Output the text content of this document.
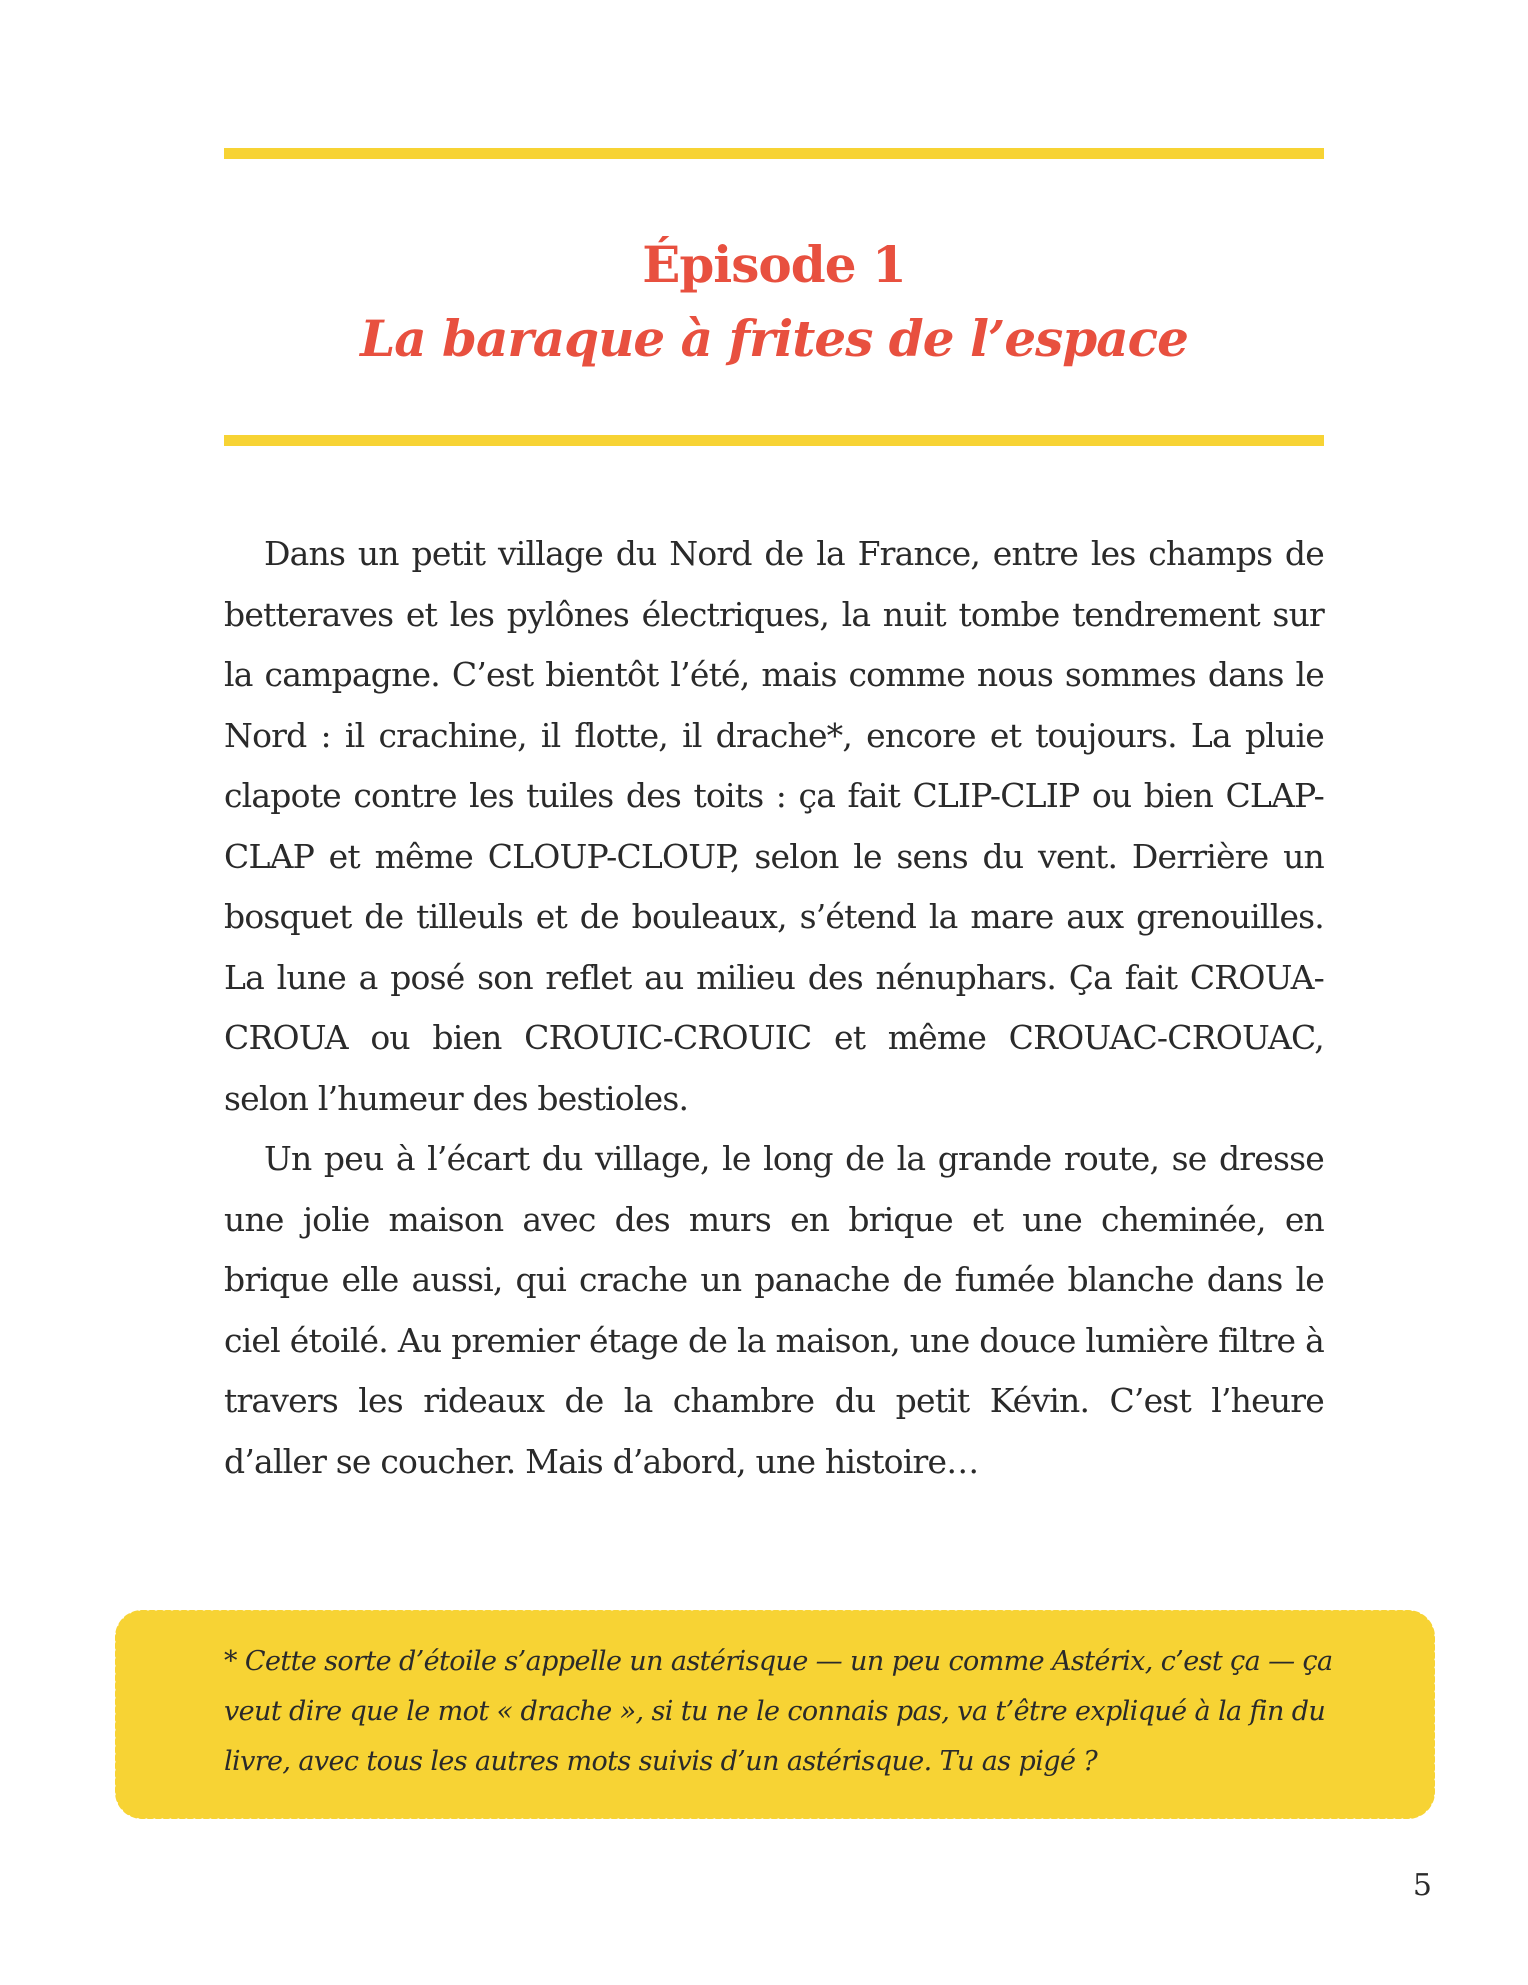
Épisode 1
La baraque à frites de l’espace

Dans un petit village du Nord de la France, entre les champs de betteraves et les pylônes électriques, la nuit tombe tendrement sur la campagne. C’est bientôt l’été, mais comme nous sommes dans le Nord : il crachine, il flotte, il drache*, encore et toujours. La pluie clapote contre les tuiles des toits : ça fait CLIP-CLIP ou bien CLAP-CLAP et même CLOUP-CLOUP, selon le sens du vent. Derrière un bosquet de tilleuls et de bouleaux, s’étend la mare aux grenouilles. La lune a posé son reflet au milieu des nénuphars. Ça fait CROUA-CROUA ou bien CROUIC-CROUIC et même CROUAC-CROUAC, selon l’humeur des bestioles.

Un peu à l’écart du village, le long de la grande route, se dresse une jolie maison avec des murs en brique et une cheminée, en brique elle aussi, qui crache un panache de fumée blanche dans le ciel étoilé. Au premier étage de la maison, une douce lumière filtre à travers les rideaux de la chambre du petit Kévin. C’est l’heure d’aller se coucher. Mais d’abord, une histoire…

* Cette sorte d’étoile s’appelle un astérisque — un peu comme Astérix, c’est ça — ça veut dire que le mot « drache », si tu ne le connais pas, va t’être expliqué à la fin du livre, avec tous les autres mots suivis d’un astérisque. Tu as pigé ?
5
